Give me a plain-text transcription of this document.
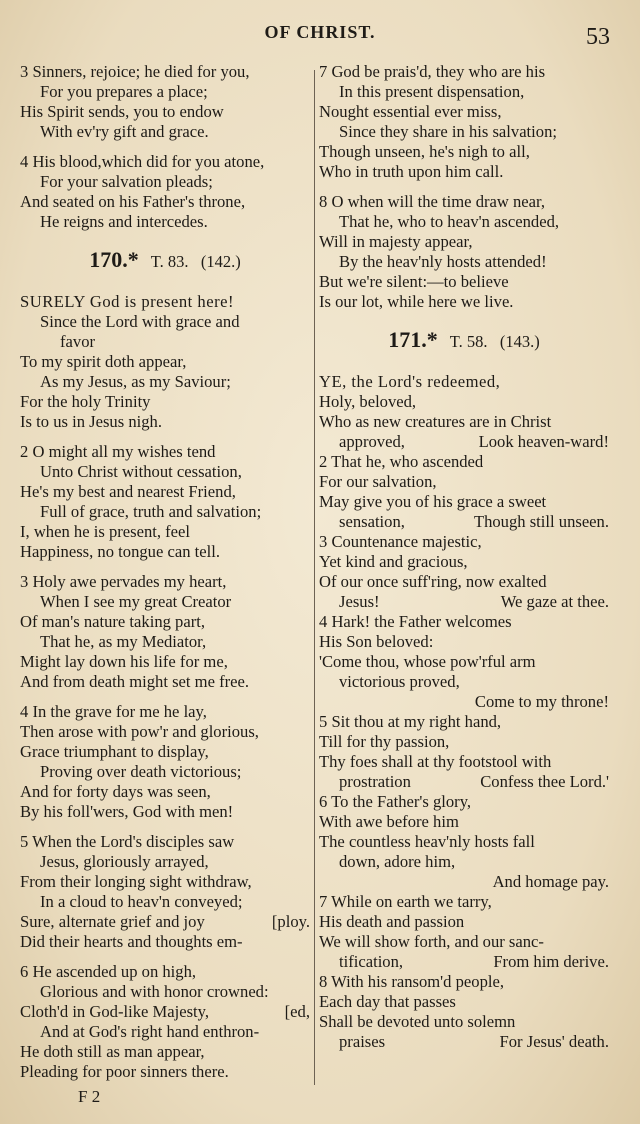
OF CHRIST.	53
3 Sinners, rejoice; he died for you,
For you prepares a place;
His Spirit sends, you to endow
With ev'ry gift and grace.
4 His blood,which did for you atone,
For your salvation pleads;
And seated on his Father's throne,
He reigns and intercedes.
170.* T. 83. (142.)
SURELY God is present here!
Since the Lord with grace and
favor
To my spirit doth appear,
As my Jesus, as my Saviour;
For the holy Trinity
Is to us in Jesus nigh.
2 O might all my wishes tend
Unto Christ without cessation,
He's my best and nearest Friend,
Full of grace, truth and salvation;
I, when he is present, feel
Happiness, no tongue can tell.
3 Holy awe pervades my heart,
When I see my great Creator
Of man's nature taking part,
That he, as my Mediator,
Might lay down his life for me,
And from death might set me free.
4 In the grave for me he lay,
Then arose with pow'r and glorious,
Grace triumphant to display,
Proving over death victorious;
And for forty days was seen,
By his foll'wers, God with men!
5 When the Lord's disciples saw
Jesus, gloriously arrayed,
From their longing sight withdraw,
In a cloud to heav'n conveyed;
Sure, alternate grief and joy	[ploy.
Did their hearts and thoughts em-
6 He ascended up on high,
Glorious and with honor crowned:
Cloth'd in God-like Majesty,	[ed,
And at God's right hand enthron-
He doth still as man appear,
Pleading for poor sinners there.
F 2
7 God be prais'd, they who are his
In this present dispensation,
Nought essential ever miss,
Since they share in his salvation;
Though unseen, he's nigh to all,
Who in truth upon him call.
8 O when will the time draw near,
That he, who to heav'n ascended,
Will in majesty appear,
By the heav'nly hosts attended!
But we're silent:—to believe
Is our lot, while here we live.
171.* T. 58. (143.)
YE, the Lord's redeemed,
Holy, beloved,
Who as new creatures are in Christ
approved,	Look heaven-ward!
2 That he, who ascended
For our salvation,
May give you of his grace a sweet
sensation,	Though still unseen.
3 Countenance majestic,
Yet kind and gracious,
Of our once suff'ring, now exalted
Jesus!	We gaze at thee.
4 Hark! the Father welcomes
His Son beloved:
'Come thou, whose pow'rful arm
victorious proved,
Come to my throne!
5 Sit thou at my right hand,
Till for thy passion,
Thy foes shall at thy footstool with
prostration	Confess thee Lord.'
6 To the Father's glory,
With awe before him
The countless heav'nly hosts fall
down, adore him,
And homage pay.
7 While on earth we tarry,
His death and passion
We will show forth, and our sanc-
tification,	From him derive.
8 With his ransom'd people,
Each day that passes
Shall be devoted unto solemn
praises	For Jesus' death.
